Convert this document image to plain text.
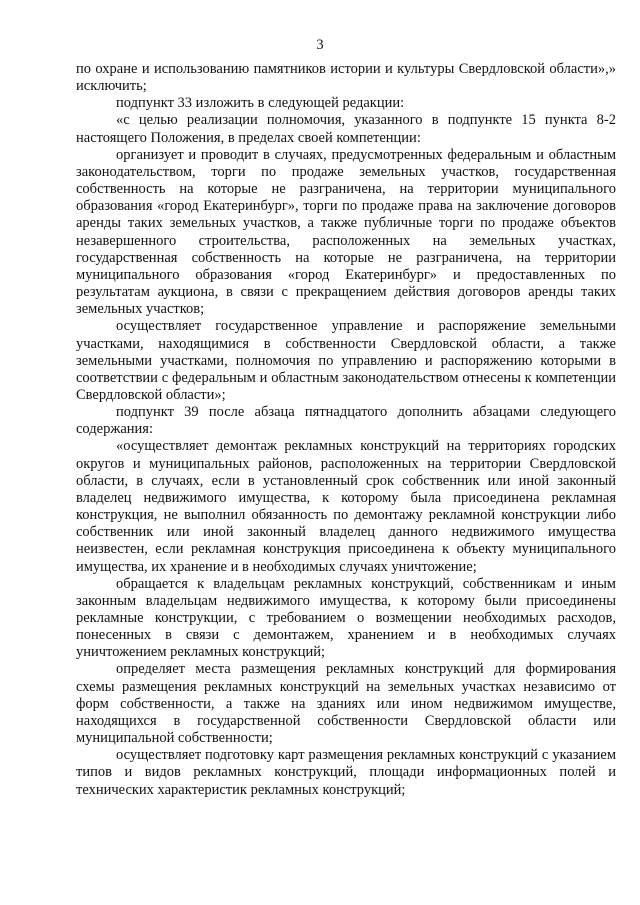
3

по охране и использованию памятников истории и культуры Свердловской области»,» исключить;

подпункт 33 изложить в следующей редакции:

«с целью реализации полномочия, указанного в подпункте 15 пункта 8-2 настоящего Положения, в пределах своей компетенции:

организует и проводит в случаях, предусмотренных федеральным и областным законодательством, торги по продаже земельных участков, государственная собственность на которые не разграничена, на территории муниципального образования «город Екатеринбург», торги по продаже права на заключение договоров аренды таких земельных участков, а также публичные торги по продаже объектов незавершенного строительства, расположенных на земельных участках, государственная собственность на которые не разграничена, на территории муниципального образования «город Екатеринбург» и предоставленных по результатам аукциона, в связи с прекращением действия договоров аренды таких земельных участков;

осуществляет государственное управление и распоряжение земельными участками, находящимися в собственности Свердловской области, а также земельными участками, полномочия по управлению и распоряжению которыми в соответствии с федеральным и областным законодательством отнесены к компетенции Свердловской области»;

подпункт 39 после абзаца пятнадцатого дополнить абзацами следующего содержания:

«осуществляет демонтаж рекламных конструкций на территориях городских округов и муниципальных районов, расположенных на территории Свердловской области, в случаях, если в установленный срок собственник или иной законный владелец недвижимого имущества, к которому была присоединена рекламная конструкция, не выполнил обязанность по демонтажу рекламной конструкции либо собственник или иной законный владелец данного недвижимого имущества неизвестен, если рекламная конструкция присоединена к объекту муниципального имущества, их хранение и в необходимых случаях уничтожение;

обращается к владельцам рекламных конструкций, собственникам и иным законным владельцам недвижимого имущества, к которому были присоединены рекламные конструкции, с требованием о возмещении необходимых расходов, понесенных в связи с демонтажем, хранением и в необходимых случаях уничтожением рекламных конструкций;

определяет места размещения рекламных конструкций для формирования схемы размещения рекламных конструкций на земельных участках независимо от форм собственности, а также на зданиях или ином недвижимом имуществе, находящихся в государственной собственности Свердловской области или муниципальной собственности;

осуществляет подготовку карт размещения рекламных конструкций с указанием типов и видов рекламных конструкций, площади информационных полей и технических характеристик рекламных конструкций;
